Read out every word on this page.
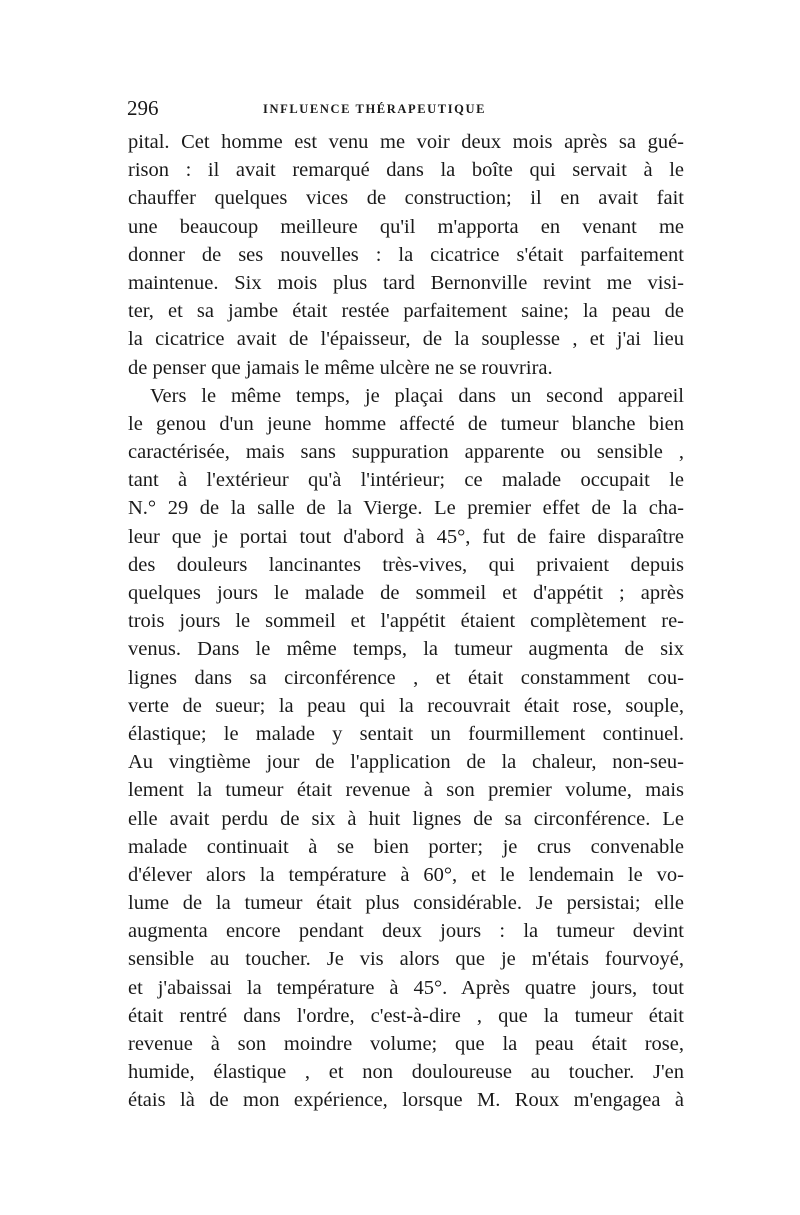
296	INFLUENCE THÉRAPEUTIQUE
pital. Cet homme est venu me voir deux mois après sa gué-
rison : il avait remarqué dans la boîte qui servait à le
chauffer quelques vices de construction; il en avait fait
une beaucoup meilleure qu'il m'apporta en venant me
donner de ses nouvelles : la cicatrice s'était parfaitement
maintenue. Six mois plus tard Bernonville revint me visi-
ter, et sa jambe était restée parfaitement saine; la peau de
la cicatrice avait de l'épaisseur, de la souplesse , et j'ai lieu
de penser que jamais le même ulcère ne se rouvrira.
Vers le même temps, je plaçai dans un second appareil
le genou d'un jeune homme affecté de tumeur blanche bien
caractérisée, mais sans suppuration apparente ou sensible ,
tant à l'extérieur qu'à l'intérieur; ce malade occupait le
N.° 29 de la salle de la Vierge. Le premier effet de la cha-
leur que je portai tout d'abord à 45°, fut de faire disparaître
des douleurs lancinantes très-vives, qui privaient depuis
quelques jours le malade de sommeil et d'appétit ; après
trois jours le sommeil et l'appétit étaient complètement re-
venus. Dans le même temps, la tumeur augmenta de six
lignes dans sa circonférence , et était constamment cou-
verte de sueur; la peau qui la recouvrait était rose, souple,
élastique; le malade y sentait un fourmillement continuel.
Au vingtième jour de l'application de la chaleur, non-seu-
lement la tumeur était revenue à son premier volume, mais
elle avait perdu de six à huit lignes de sa circonférence. Le
malade continuait à se bien porter; je crus convenable
d'élever alors la température à 60°, et le lendemain le vo-
lume de la tumeur était plus considérable. Je persistai; elle
augmenta encore pendant deux jours : la tumeur devint
sensible au toucher. Je vis alors que je m'étais fourvoyé,
et j'abaissai la température à 45°. Après quatre jours, tout
était rentré dans l'ordre, c'est-à-dire , que la tumeur était
revenue à son moindre volume; que la peau était rose,
humide, élastique , et non douloureuse au toucher. J'en
étais là de mon expérience, lorsque M. Roux m'engagea à
